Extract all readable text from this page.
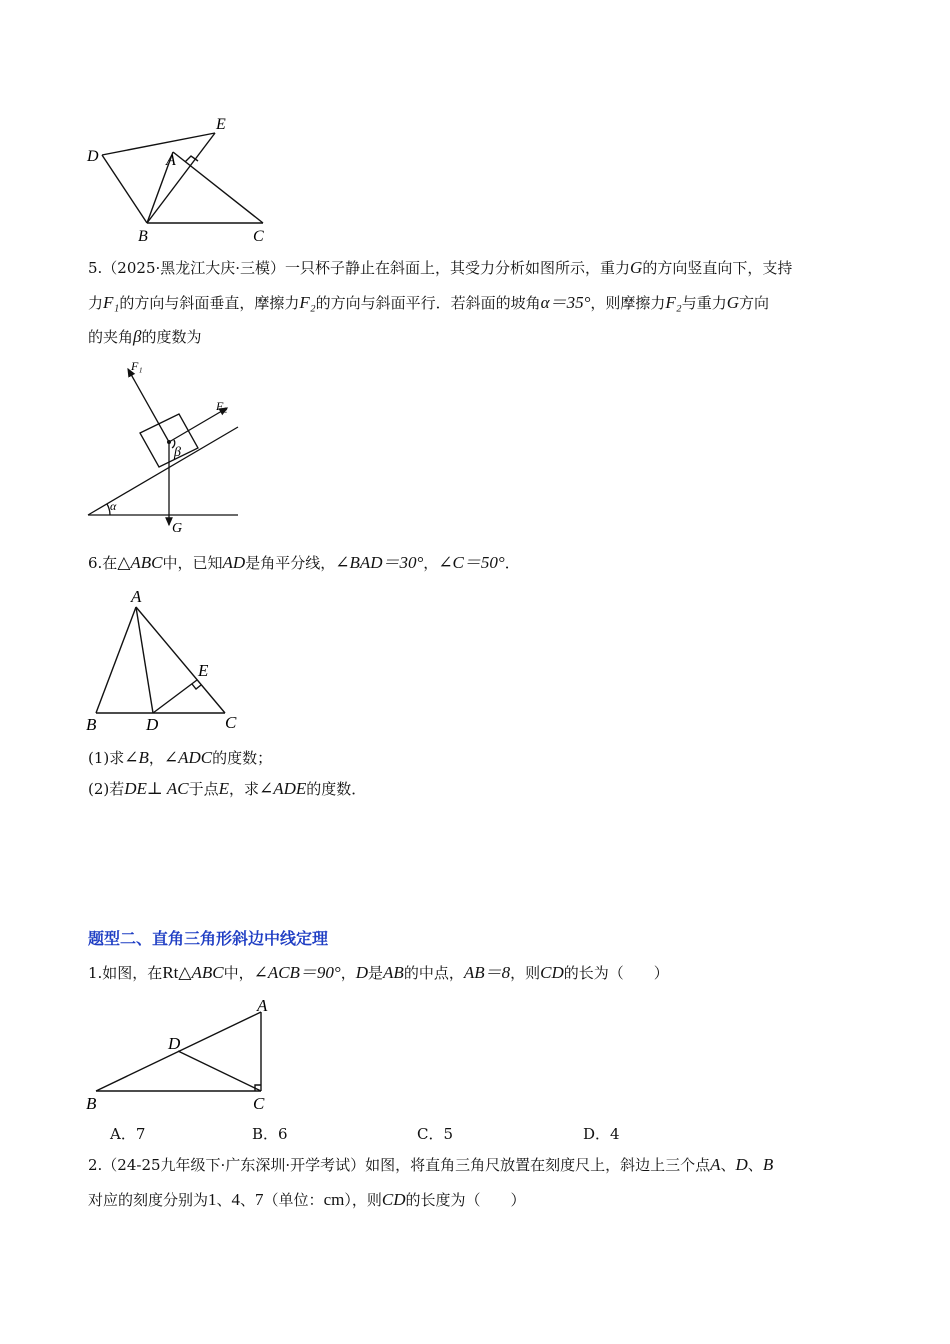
D
E
A
B	C
5.（2025·黑龙江大庆·三模）一只杯子静止在斜面上，其受力分析如图所示，重力G的方向竖直向下，支持
力F₁的方向与斜面垂直，摩擦力F₂的方向与斜面平行．若斜面的坡角α＝35°，则摩擦力F₂与重力G方向
的夹角β的度数为
F₁
F₂
β
α
G
6.在△ABC中，已知AD是角平分线，∠BAD＝30°，∠C＝50°．
A
B	D	C
E
(1)求∠B，∠ADC的度数；
(2)若DE⊥ AC于点E，求∠ADE的度数．
题型二、直角三角形斜边中线定理
1.如图，在Rt△ABC中，∠ACB＝90°，D是AB的中点，AB＝8，则CD的长为（　　）
A
D
B	C
A．7	B．6	C．5	D．4
2.（24-25九年级下·广东深圳·开学考试）如图，将直角三角尺放置在刻度尺上，斜边上三个点A、D、B
对应的刻度分别为1、4、7（单位：cm），则CD的长度为（　　）
